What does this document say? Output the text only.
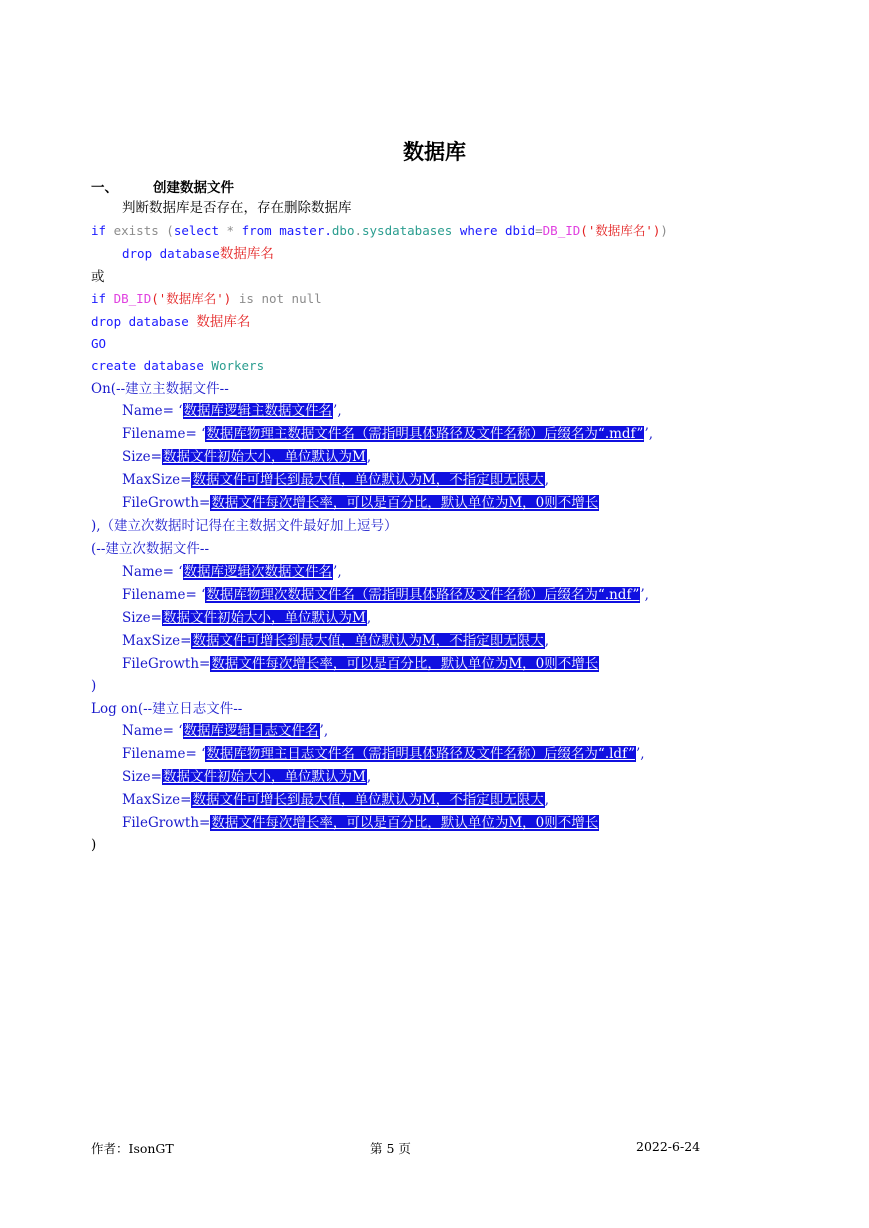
数据库
一、	创建数据文件
判断数据库是否存在，存在删除数据库
if exists (select * from master.dbo.sysdatabases where dbid=DB_ID('数据库名'))
drop database数据库名
或
if DB_ID('数据库名') is not null
drop database 数据库名
GO
create database Workers
On(--建立主数据文件--
Name= ‘数据库逻辑主数据文件名’,
Filename= ‘数据库物理主数据文件名（需指明具体路径及文件名称）后缀名为“.mdf”’,
Size=数据文件初始大小，单位默认为M,
MaxSize=数据文件可增长到最大值，单位默认为M，不指定即无限大,
FileGrowth=数据文件每次增长率，可以是百分比，默认单位为M，0则不增长
),（建立次数据时记得在主数据文件最好加上逗号）
(--建立次数据文件--
Name= ‘数据库逻辑次数据文件名’,
Filename= ‘数据库物理次数据文件名（需指明具体路径及文件名称）后缀名为“.ndf”’,
Size=数据文件初始大小，单位默认为M,
MaxSize=数据文件可增长到最大值，单位默认为M，不指定即无限大,
FileGrowth=数据文件每次增长率，可以是百分比，默认单位为M，0则不增长
)
Log on(--建立日志文件--
Name= ‘数据库逻辑日志文件名’,
Filename= ‘数据库物理主日志文件名（需指明具体路径及文件名称）后缀名为“.ldf”’,
Size=数据文件初始大小，单位默认为M,
MaxSize=数据文件可增长到最大值，单位默认为M，不指定即无限大,
FileGrowth=数据文件每次增长率，可以是百分比，默认单位为M，0则不增长
)
作者：IsonGT	第 5 页	2022-6-24
